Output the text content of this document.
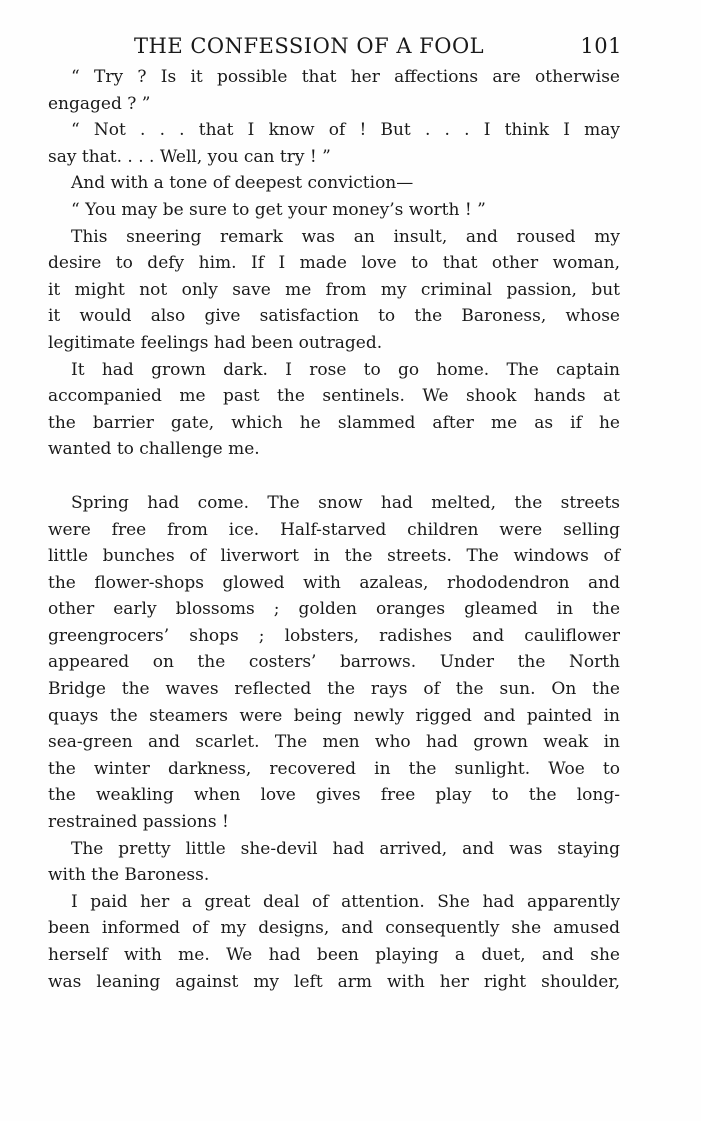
THE CONFESSION OF A FOOL	101
“ Try ? Is it possible that her affections are otherwise
engaged ? ”
“ Not . . . that I know of ! But . . . I think I may
say that. . . . Well, you can try ! ”
And with a tone of deepest conviction—
“ You may be sure to get your money’s worth ! ”
This sneering remark was an insult, and roused my
desire to defy him. If I made love to that other woman,
it might not only save me from my criminal passion, but
it would also give satisfaction to the Baroness, whose
legitimate feelings had been outraged.
It had grown dark. I rose to go home. The captain
accompanied me past the sentinels. We shook hands at
the barrier gate, which he slammed after me as if he
wanted to challenge me.
Spring had come. The snow had melted, the streets
were free from ice. Half-starved children were selling
little bunches of liverwort in the streets. The windows of
the flower-shops glowed with azaleas, rhododendron and
other early blossoms ; golden oranges gleamed in the
greengrocers’ shops ; lobsters, radishes and cauliflower
appeared on the costers’ barrows. Under the North
Bridge the waves reflected the rays of the sun. On the
quays the steamers were being newly rigged and painted in
sea-green and scarlet. The men who had grown weak in
the winter darkness, recovered in the sunlight. Woe to
the weakling when love gives free play to the long-
restrained passions !
The pretty little she-devil had arrived, and was staying
with the Baroness.
I paid her a great deal of attention. She had apparently
been informed of my designs, and consequently she amused
herself with me. We had been playing a duet, and she
was leaning against my left arm with her right shoulder,
